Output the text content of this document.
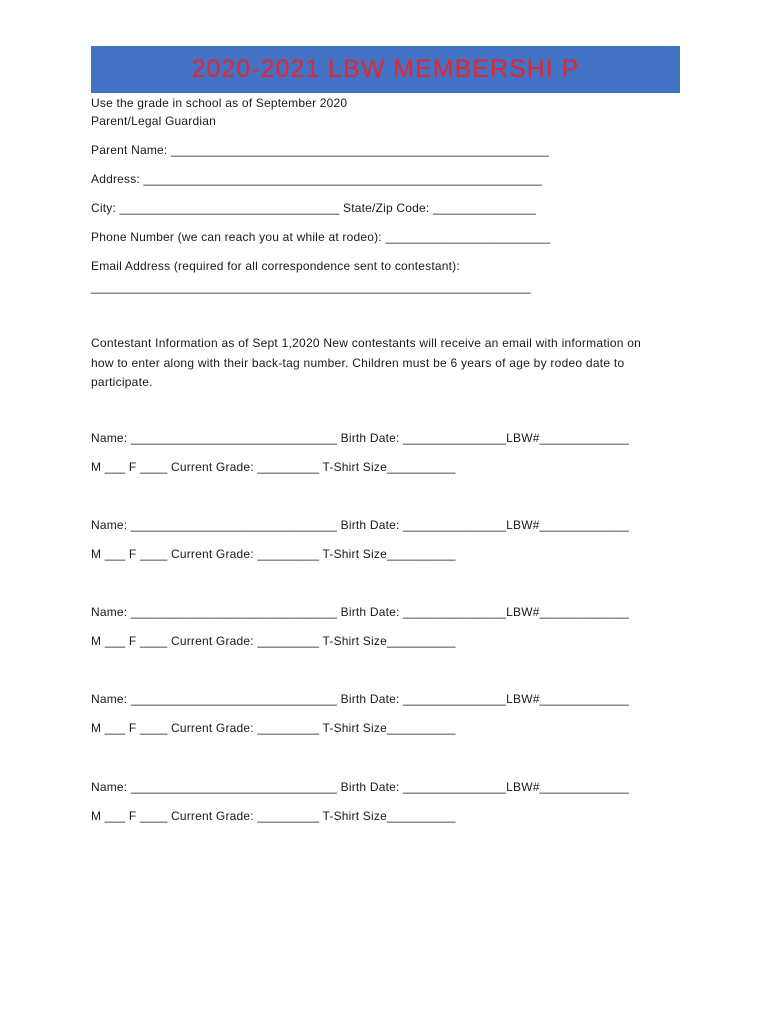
2020-2021 LBW MEMBERSHI P
Use the grade in school as of September 2020
Parent/Legal Guardian
Parent Name: _______________________________________________________
Address: __________________________________________________________
City: ________________________________ State/Zip Code: _______________
Phone Number (we can reach you at while at rodeo): ________________________
Email Address (required for all correspondence sent to contestant):
________________________________________________________________
Contestant Information as of Sept 1,2020 New contestants will receive an email with information on how to enter along with their back-tag number. Children must be 6 years of age by rodeo date to participate.
Name: ______________________________ Birth Date: _______________LBW#_____________
M ___ F ____ Current Grade: _________ T-Shirt Size__________
Name: ______________________________ Birth Date: _______________LBW#_____________
M ___ F ____ Current Grade: _________ T-Shirt Size__________
Name: ______________________________ Birth Date: _______________LBW#_____________
M ___ F ____ Current Grade: _________ T-Shirt Size__________
Name: ______________________________ Birth Date: _______________LBW#_____________
M ___ F ____ Current Grade: _________ T-Shirt Size__________
Name: ______________________________ Birth Date: _______________LBW#_____________
M ___ F ____ Current Grade: _________ T-Shirt Size__________
